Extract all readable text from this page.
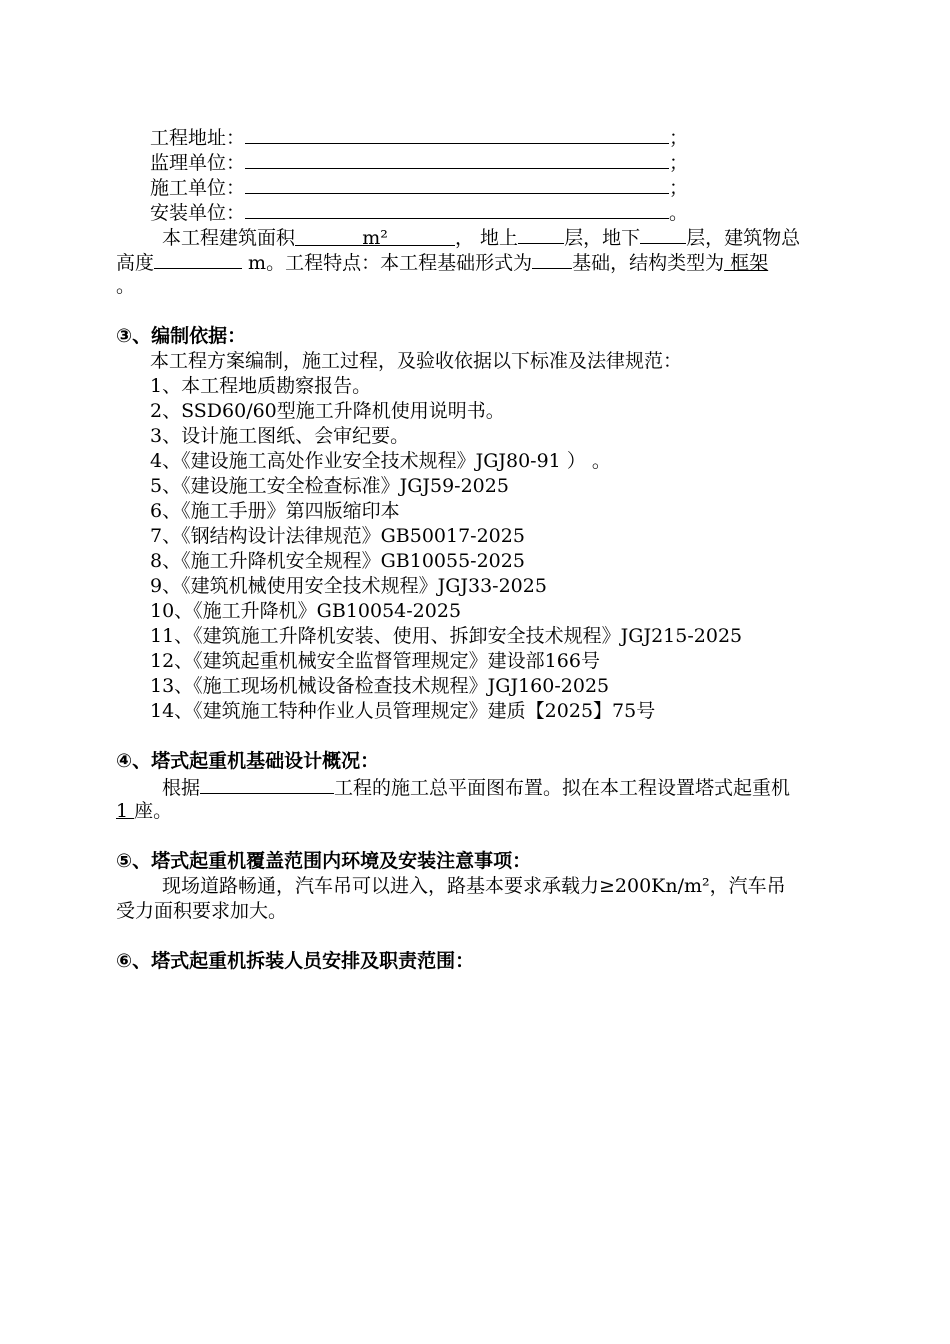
工程地址：	；
监理单位：	；
施工单位：	；
安装单位：	。
本工程建筑面积	m²	， 地上 层，地下 层，建筑物总
高度	m。工程特点：本工程基础形式为 基础，结构类型为 框架
。
③、编制依据：
本工程方案编制，施工过程，及验收依据以下标准及法律规范：
1、本工程地质勘察报告。
2、SSD60/60型施工升降机使用说明书。
3、设计施工图纸、会审纪要。
4、《建设施工高处作业安全技术规程》JGJ80-91 ） 。
5、《建设施工安全检查标准》JGJ59-2025
6、《施工手册》第四版缩印本
7、《钢结构设计法律规范》GB50017-2025
8、《施工升降机安全规程》GB10055-2025
9、《建筑机械使用安全技术规程》JGJ33-2025
10、《施工升降机》GB10054-2025
11、《建筑施工升降机安装、使用、拆卸安全技术规程》JGJ215-2025
12、《建筑起重机械安全监督管理规定》建设部166号
13、《施工现场机械设备检查技术规程》JGJ160-2025
14、《建筑施工特种作业人员管理规定》建质【2025】75号
④、塔式起重机基础设计概况：
根据	工程的施工总平面图布置。拟在本工程设置塔式起重机
1 座。
⑤、塔式起重机覆盖范围内环境及安装注意事项：
现场道路畅通，汽车吊可以进入，路基本要求承载力≥200Kn/m²，汽车吊
受力面积要求加大。
⑥、塔式起重机拆装人员安排及职责范围：
